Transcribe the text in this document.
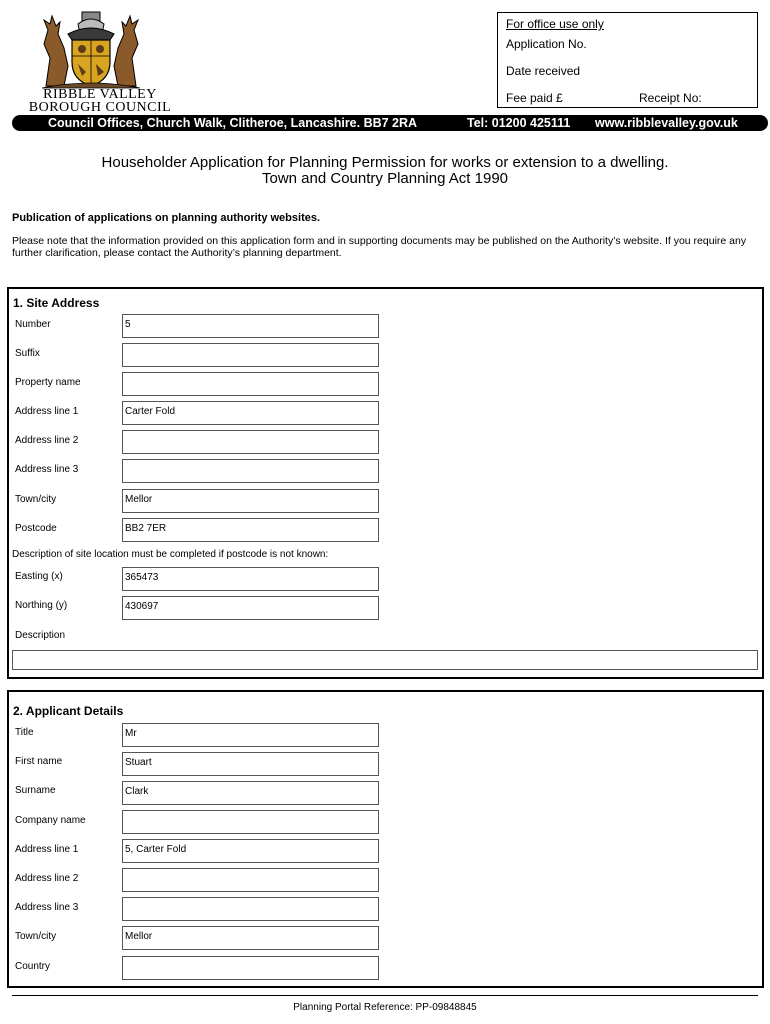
RIBBLE VALLEY
BOROUGH COUNCIL
For office use only
Application No.
Date received
Fee paid £	Receipt No:
Council Offices, Church Walk, Clitheroe, Lancashire. BB7 2RA	Tel: 01200 425111 www.ribblevalley.gov.uk
Householder Application for Planning Permission for works or extension to a dwelling.
Town and Country Planning Act 1990
Publication of applications on planning authority websites.
Please note that the information provided on this application form and in supporting documents may be published on the Authority’s website. If you require any further clarification, please contact the Authority’s planning department.
1. Site Address
Number	5
Suffix
Property name
Address line 1	Carter Fold
Address line 2
Address line 3
Town/city	Mellor
Postcode	BB2 7ER
Description of site location must be completed if postcode is not known:
Easting (x)	365473
Northing (y)	430697
Description
2. Applicant Details
Title	Mr
First name	Stuart
Surname	Clark
Company name
Address line 1	5, Carter Fold
Address line 2
Address line 3
Town/city	Mellor
Country
Planning Portal Reference: PP-09848845
